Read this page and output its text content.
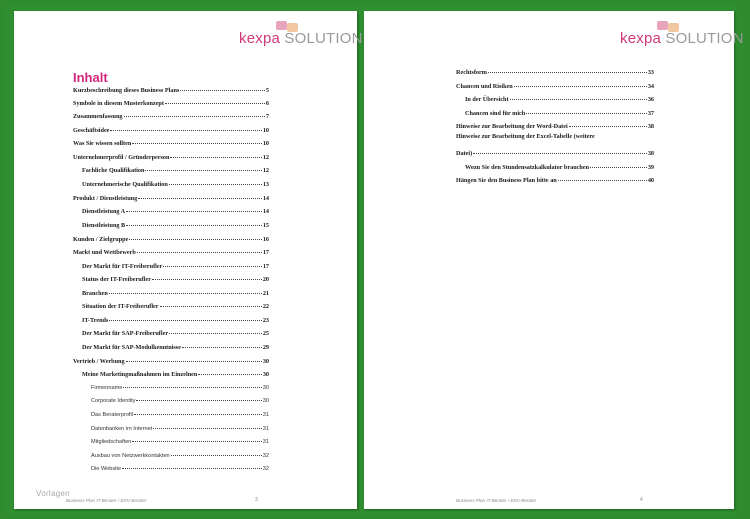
kexpa SOLUTION
Inhalt
Kurzbeschreibung dieses Business Plans	5
Symbole in diesem Musterkonzept	6
Zusammenfassung	7
Geschäftsidee	10
Was Sie wissen sollten	10
Unternehmerprofil / Gründerperson	12
Fachliche Qualifikation	12
Unternehmerische Qualifikation	13
Produkt / Dienstleistung	14
Dienstleistung A	14
Dienstleistung B	15
Kunden / Zielgruppe	16
Markt und Wettbewerb	17
Der Markt für IT-Freiberufler	17
Status der IT-Freiberufler	20
Branchen	21
Situation der IT-Freiberufler	22
IT-Trends	23
Der Markt für SAP-Freiberufler	25
Der Markt für SAP-Modulkenntnisse	29
Vertrieb / Werbung	30
Meine Marketingmaßnahmen im Einzelnen	30
Firmenname	30
Corporate Identity	30
Das Beraterprofil	31
Datenbanken im Internet	31
Mitgliedschaften	31
Ausbau von Netzwerkkontakten	32
Die Website	32
Vorlagen
Business Plan IT-Berater / EDV-Berater	3
kexpa SOLUTION
Rechtsform	33
Chancen und Risiken	34
In der Übersicht	36
Chancen sind für mich	37
Hinweise zur Bearbeitung der Word-Datei	38
Hinweise zur Bearbeitung der Excel-Tabelle (weitere
Datei)	38
Wozu Sie den Stundensatzkalkulator brauchen	39
Hängen Sie den Business Plan bitte an	40
Business Plan IT-Berater / EDV-Berater	4
